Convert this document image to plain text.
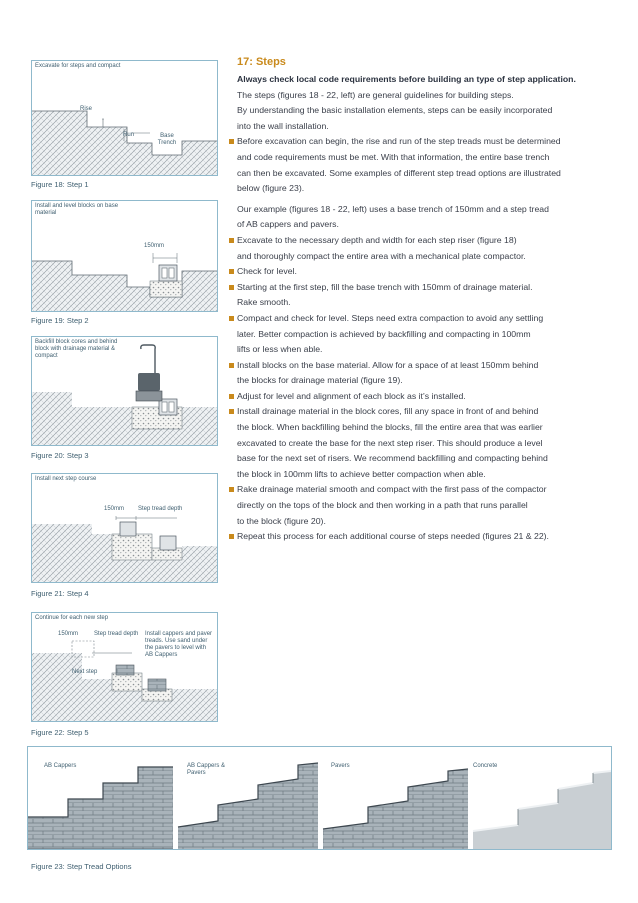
Excavate for steps and compact
Rise
Run	Base Trench
Figure 18: Step 1
Install and level blocks on base material
150mm
Figure 19: Step 2
Backfill block cores and behind block with drainage material & compact
Figure 20: Step 3
Install next step course
150mm Step tread depth
Figure 21: Step 4
Continue for each new step
150mm	Step tread depth Install cappers and paver treads. Use sand under the pavers to level with AB Cappers
Next step
Figure 22: Step 5
17: Steps

Always check local code requirements before building an type of step application.

The steps (figures 18 - 22, left) are general guidelines for building steps.

By understanding the basic installation elements, steps can be easily incorporated

into the wall installation.

Before excavation can begin, the rise and run of the step treads must be determined
and code requirements must be met. With that information, the entire base trench
can then be excavated. Some examples of different step tread options are illustrated
below (figure 23).

Our example (figures 18 - 22, left) uses a base trench of 150mm and a step tread

of AB cappers and pavers.

Excavate to the necessary depth and width for each step riser (figure 18)
and thoroughly compact the entire area with a mechanical plate compactor.
Check for level.
Starting at the first step, fill the base trench with 150mm of drainage material.
Rake smooth.
Compact and check for level. Steps need extra compaction to avoid any settling
later. Better compaction is achieved by backfilling and compacting in 100mm
lifts or less when able.
Install blocks on the base material. Allow for a space of at least 150mm behind
the blocks for drainage material (figure 19).
Adjust for level and alignment of each block as it’s installed.
Install drainage material in the block cores, fill any space in front of and behind
the block. When backfilling behind the blocks, fill the entire area that was earlier
excavated to create the base for the next step riser. This should produce a level
base for the next set of risers. We recommend backfilling and compacting behind
the block in 100mm lifts to achieve better compaction when able.
Rake drainage material smooth and compact with the first pass of the compactor
directly on the tops of the block and then working in a path that runs parallel
to the block (figure 20).
Repeat this process for each additional course of steps needed (figures 21 & 22).
AB Cappers	AB Cappers & Pavers
Pavers	Concrete
Figure 23: Step Tread Options
